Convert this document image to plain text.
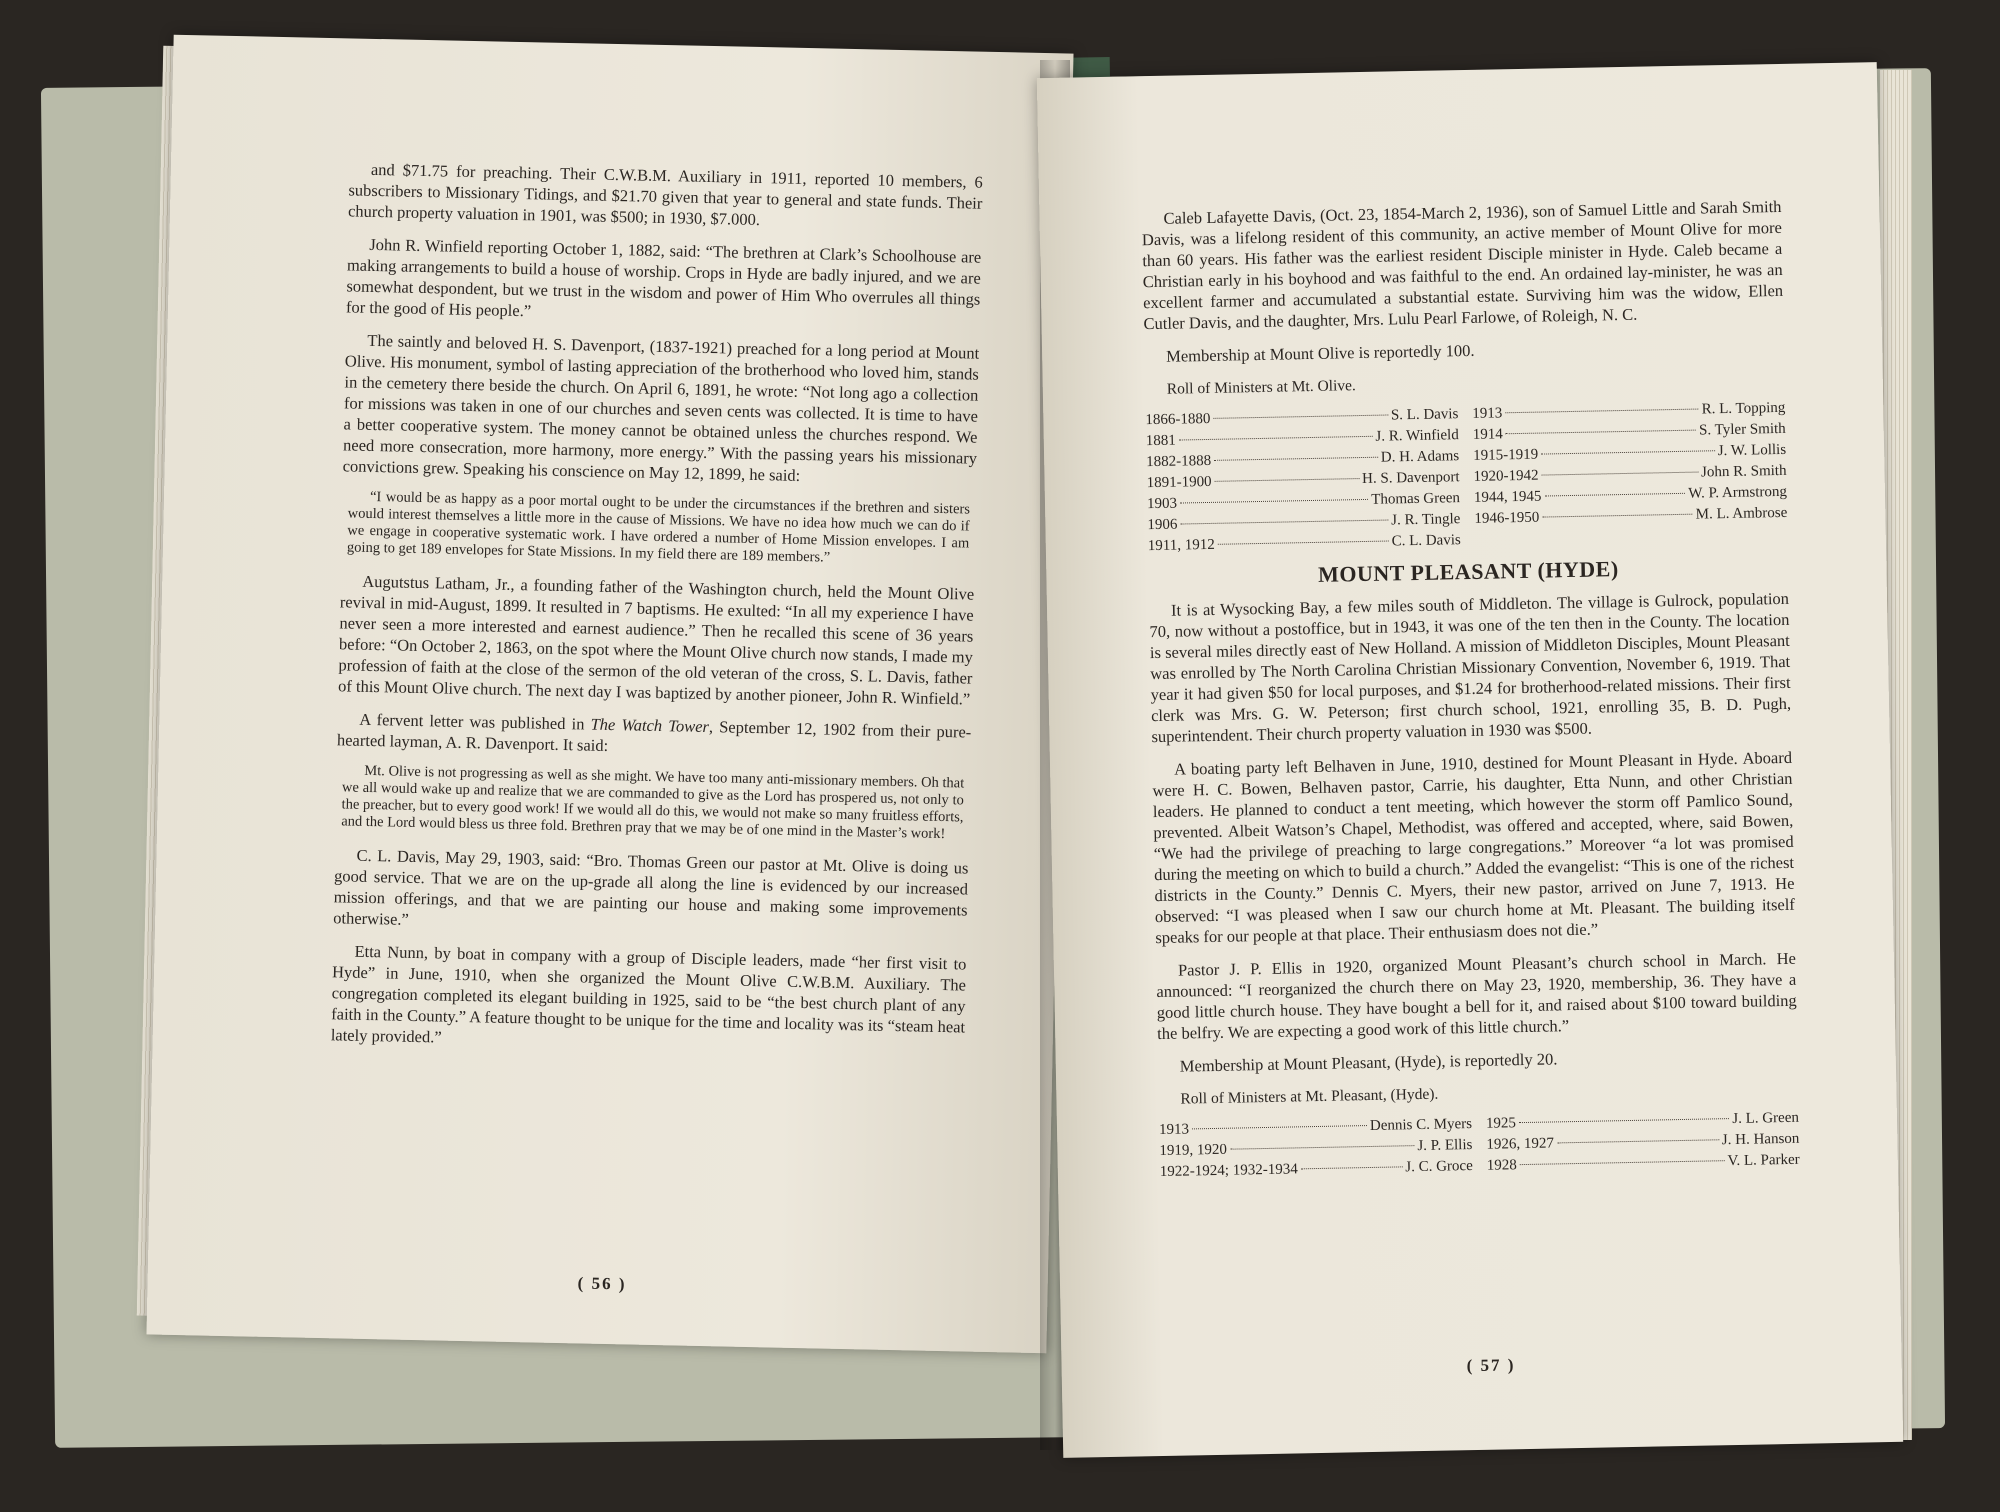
and $71.75 for preaching. Their C.W.B.M. Auxiliary in 1911, reported 10 members, 6 subscribers to Missionary Tidings, and $21.70 given that year to general and state funds. Their church property valuation in 1901, was $500; in 1930, $7.000.

John R. Winfield reporting October 1, 1882, said: “The brethren at Clark’s Schoolhouse are making arrangements to build a house of worship. Crops in Hyde are badly injured, and we are somewhat despondent, but we trust in the wisdom and power of Him Who overrules all things for the good of His people.”

The saintly and beloved H. S. Davenport, (1837-1921) preached for a long period at Mount Olive. His monument, symbol of lasting appreciation of the brotherhood who loved him, stands in the cemetery there beside the church. On April 6, 1891, he wrote: “Not long ago a collection for missions was taken in one of our churches and seven cents was collected. It is time to have a better cooperative system. The money cannot be obtained unless the churches respond. We need more consecration, more harmony, more energy.” With the passing years his missionary convictions grew. Speaking his conscience on May 12, 1899, he said:

“I would be as happy as a poor mortal ought to be under the circumstances if the brethren and sisters would interest themselves a little more in the cause of Missions. We have no idea how much we can do if we engage in cooperative systematic work. I have ordered a number of Home Mission envelopes. I am going to get 189 envelopes for State Missions. In my field there are 189 members.”

Augutstus Latham, Jr., a founding father of the Washington church, held the Mount Olive revival in mid-August, 1899. It resulted in 7 baptisms. He exulted: “In all my experience I have never seen a more interested and earnest audience.” Then he recalled this scene of 36 years before: “On October 2, 1863, on the spot where the Mount Olive church now stands, I made my profession of faith at the close of the sermon of the old veteran of the cross, S. L. Davis, father of this Mount Olive church. The next day I was baptized by another pioneer, John R. Winfield.”

A fervent letter was published in The Watch Tower, September 12, 1902 from their pure-hearted layman, A. R. Davenport. It said:

Mt. Olive is not progressing as well as she might. We have too many anti-missionary members. Oh that we all would wake up and realize that we are commanded to give as the Lord has prospered us, not only to the preacher, but to every good work! If we would all do this, we would not make so many fruitless efforts, and the Lord would bless us three fold. Brethren pray that we may be of one mind in the Master’s work!

C. L. Davis, May 29, 1903, said: “Bro. Thomas Green our pastor at Mt. Olive is doing us good service. That we are on the up-grade all along the line is evidenced by our increased mission offerings, and that we are painting our house and making some improvements otherwise.”

Etta Nunn, by boat in company with a group of Disciple leaders, made “her first visit to Hyde” in June, 1910, when she organized the Mount Olive C.W.B.M. Auxiliary. The congregation completed its elegant building in 1925, said to be “the best church plant of any faith in the County.” A feature thought to be unique for the time and locality was its “steam heat lately provided.”

( 56 )

Caleb Lafayette Davis, (Oct. 23, 1854-March 2, 1936), son of Samuel Little and Sarah Smith Davis, was a lifelong resident of this community, an active member of Mount Olive for more than 60 years. His father was the earliest resident Disciple minister in Hyde. Caleb became a Christian early in his boyhood and was faithful to the end. An ordained lay-minister, he was an excellent farmer and accumulated a substantial estate. Surviving him was the widow, Ellen Cutler Davis, and the daughter, Mrs. Lulu Pearl Farlowe, of Roleigh, N. C.

Membership at Mount Olive is reportedly 100.

Roll of Ministers at Mt. Olive.
1866-1880	S. L. Davis
1881	J. R. Winfield
1882-1888	D. H. Adams
1891-1900	H. S. Davenport
1903	Thomas Green
1906	J. R. Tingle
1911, 1912	C. L. Davis
1913	R. L. Topping
1914	S. Tyler Smith
1915-1919	J. W. Lollis
1920-1942	John R. Smith
1944, 1945	W. P. Armstrong
1946-1950	M. L. Ambrose
MOUNT PLEASANT (HYDE)

It is at Wysocking Bay, a few miles south of Middleton. The village is Gulrock, population 70, now without a postoffice, but in 1943, it was one of the ten then in the County. The location is several miles directly east of New Holland. A mission of Middleton Disciples, Mount Pleasant was enrolled by The North Carolina Christian Missionary Convention, November 6, 1919. That year it had given $50 for local purposes, and $1.24 for brotherhood-related missions. Their first clerk was Mrs. G. W. Peterson; first church school, 1921, enrolling 35, B. D. Pugh, superintendent. Their church property valuation in 1930 was $500.

A boating party left Belhaven in June, 1910, destined for Mount Pleasant in Hyde. Aboard were H. C. Bowen, Belhaven pastor, Carrie, his daughter, Etta Nunn, and other Christian leaders. He planned to conduct a tent meeting, which however the storm off Pamlico Sound, prevented. Albeit Watson’s Chapel, Methodist, was offered and accepted, where, said Bowen, “We had the privilege of preaching to large congregations.” Moreover “a lot was promised during the meeting on which to build a church.” Added the evangelist: “This is one of the richest districts in the County.” Dennis C. Myers, their new pastor, arrived on June 7, 1913. He observed: “I was pleased when I saw our church home at Mt. Pleasant. The building itself speaks for our people at that place. Their enthusiasm does not die.”

Pastor J. P. Ellis in 1920, organized Mount Pleasant’s church school in March. He announced: “I reorganized the church there on May 23, 1920, membership, 36. They have a good little church house. They have bought a bell for it, and raised about $100 toward building the belfry. We are expecting a good work of this little church.”

Membership at Mount Pleasant, (Hyde), is reportedly 20.

Roll of Ministers at Mt. Pleasant, (Hyde).
1913	Dennis C. Myers
1919, 1920	J. P. Ellis
1922-1924; 1932-1934	J. C. Groce
1925	J. L. Green
1926, 1927	J. H. Hanson
1928	V. L. Parker
( 57 )
